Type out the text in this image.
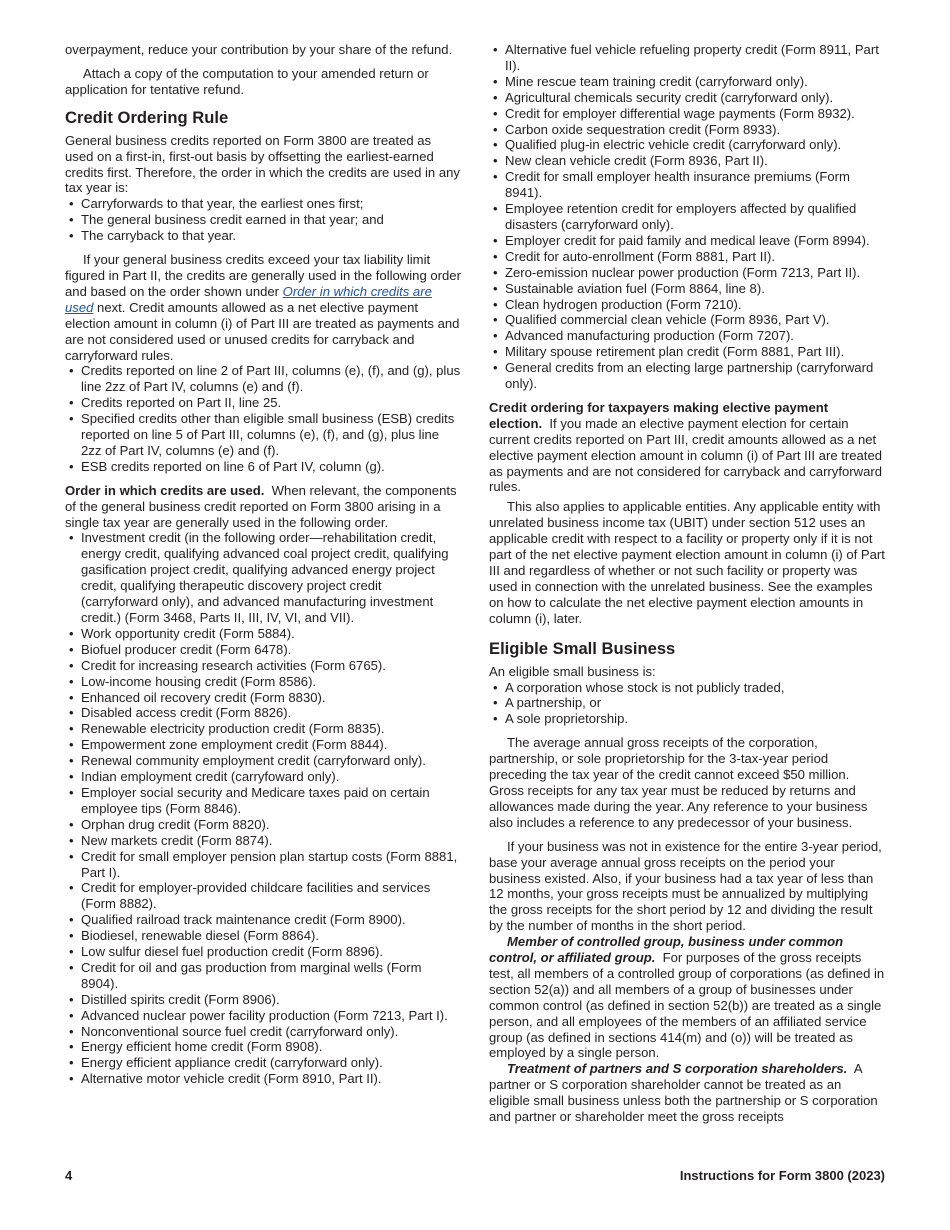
overpayment, reduce your contribution by your share of the refund.

Attach a copy of the computation to your amended return or application for tentative refund.

Credit Ordering Rule

General business credits reported on Form 3800 are treated as used on a first-in, first-out basis by offsetting the earliest-earned credits first. Therefore, the order in which the credits are used in any tax year is:

• Carryforwards to that year, the earliest ones first;
• The general business credit earned in that year; and
• The carryback to that year.

If your general business credits exceed your tax liability limit figured in Part II, the credits are generally used in the following order and based on the order shown under Order in which credits are used next. Credit amounts allowed as a net elective payment election amount in column (i) of Part III are treated as payments and are not considered used or unused credits for carryback and carryforward rules.

• Credits reported on line 2 of Part III, columns (e), (f), and (g), plus line 2zz of Part IV, columns (e) and (f).
• Credits reported on Part II, line 25.
• Specified credits other than eligible small business (ESB) credits reported on line 5 of Part III, columns (e), (f), and (g), plus line 2zz of Part IV, columns (e) and (f).
• ESB credits reported on line 6 of Part IV, column (g).

Order in which credits are used. When relevant, the components of the general business credit reported on Form 3800 arising in a single tax year are generally used in the following order.

• Investment credit (in the following order—rehabilitation credit, energy credit, qualifying advanced coal project credit, qualifying gasification project credit, qualifying advanced energy project credit, qualifying therapeutic discovery project credit (carryforward only), and advanced manufacturing investment credit.) (Form 3468, Parts II, III, IV, VI, and VII).
• Work opportunity credit (Form 5884).
• Biofuel producer credit (Form 6478).
• Credit for increasing research activities (Form 6765).
• Low-income housing credit (Form 8586).
• Enhanced oil recovery credit (Form 8830).
• Disabled access credit (Form 8826).
• Renewable electricity production credit (Form 8835).
• Empowerment zone employment credit (Form 8844).
• Renewal community employment credit (carryforward only).
• Indian employment credit (carryfoward only).
• Employer social security and Medicare taxes paid on certain employee tips (Form 8846).
• Orphan drug credit (Form 8820).
• New markets credit (Form 8874).
• Credit for small employer pension plan startup costs (Form 8881, Part I).
• Credit for employer-provided childcare facilities and services (Form 8882).
• Qualified railroad track maintenance credit (Form 8900).
• Biodiesel, renewable diesel (Form 8864).
• Low sulfur diesel fuel production credit (Form 8896).
• Credit for oil and gas production from marginal wells (Form 8904).
• Distilled spirits credit (Form 8906).
• Advanced nuclear power facility production (Form 7213, Part I).
• Nonconventional source fuel credit (carryforward only).
• Energy efficient home credit (Form 8908).
• Energy efficient appliance credit (carryforward only).
• Alternative motor vehicle credit (Form 8910, Part II).
• Alternative fuel vehicle refueling property credit (Form 8911, Part II).
• Mine rescue team training credit (carryforward only).
• Agricultural chemicals security credit (carryforward only).
• Credit for employer differential wage payments (Form 8932).
• Carbon oxide sequestration credit (Form 8933).
• Qualified plug-in electric vehicle credit (carryforward only).
• New clean vehicle credit (Form 8936, Part II).
• Credit for small employer health insurance premiums (Form 8941).
• Employee retention credit for employers affected by qualified disasters (carryforward only).
• Employer credit for paid family and medical leave (Form 8994).
• Credit for auto-enrollment (Form 8881, Part II).
• Zero-emission nuclear power production (Form 7213, Part II).
• Sustainable aviation fuel (Form 8864, line 8).
• Clean hydrogen production (Form 7210).
• Qualified commercial clean vehicle (Form 8936, Part V).
• Advanced manufacturing production (Form 7207).
• Military spouse retirement plan credit (Form 8881, Part III).
• General credits from an electing large partnership (carryforward only).

Credit ordering for taxpayers making elective payment election. If you made an elective payment election for certain current credits reported on Part III, credit amounts allowed as a net elective payment election amount in column (i) of Part III are treated as payments and are not considered for carryback and carryforward rules.

This also applies to applicable entities. Any applicable entity with unrelated business income tax (UBIT) under section 512 uses an applicable credit with respect to a facility or property only if it is not part of the net elective payment election amount in column (i) of Part III and regardless of whether or not such facility or property was used in connection with the unrelated business. See the examples on how to calculate the net elective payment election amounts in column (i), later.

Eligible Small Business

An eligible small business is:

• A corporation whose stock is not publicly traded,
• A partnership, or
• A sole proprietorship.

The average annual gross receipts of the corporation, partnership, or sole proprietorship for the 3-tax-year period preceding the tax year of the credit cannot exceed $50 million. Gross receipts for any tax year must be reduced by returns and allowances made during the year. Any reference to your business also includes a reference to any predecessor of your business.

If your business was not in existence for the entire 3-year period, base your average annual gross receipts on the period your business existed. Also, if your business had a tax year of less than 12 months, your gross receipts must be annualized by multiplying the gross receipts for the short period by 12 and dividing the result by the number of months in the short period.

Member of controlled group, business under common control, or affiliated group. For purposes of the gross receipts test, all members of a controlled group of corporations (as defined in section 52(a)) and all members of a group of businesses under common control (as defined in section 52(b)) are treated as a single person, and all employees of the members of an affiliated service group (as defined in sections 414(m) and (o)) will be treated as employed by a single person.

Treatment of partners and S corporation shareholders. A partner or S corporation shareholder cannot be treated as an eligible small business unless both the partnership or S corporation and partner or shareholder meet the gross receipts

4	Instructions for Form 3800 (2023)
